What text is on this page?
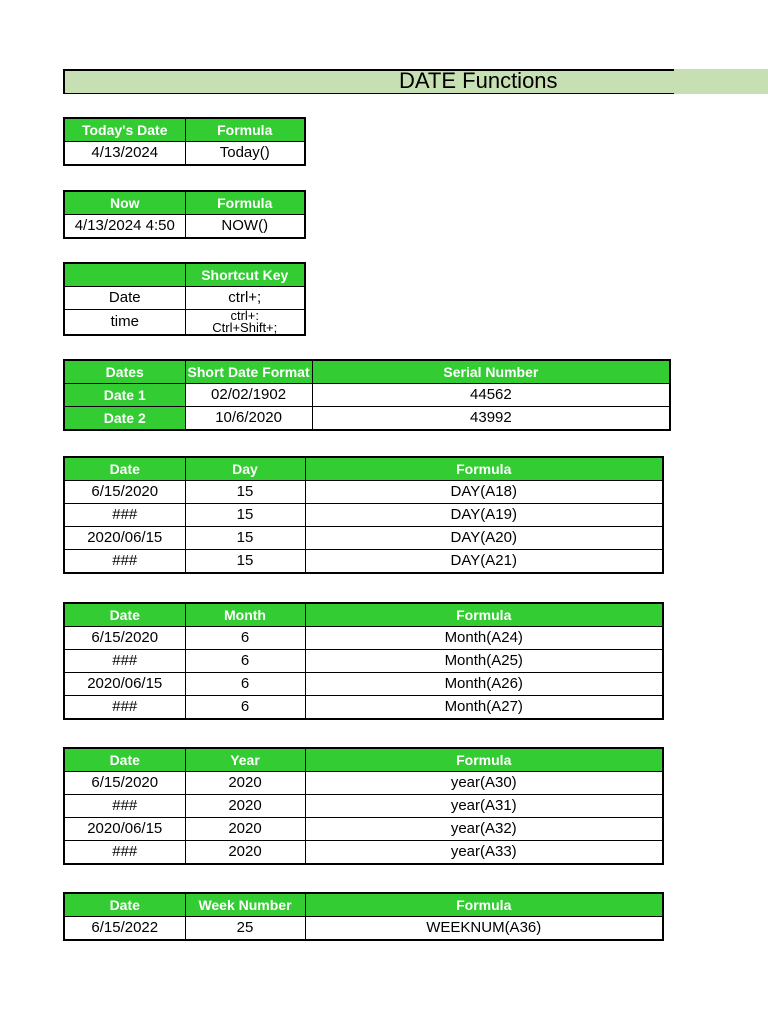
DATE Functions
Today's Date	Formula
4/13/2024	Today()
Now	Formula
4/13/2024 4:50	NOW()
	Shortcut Key
Date	ctrl+;
time	ctrl+:
Ctrl+Shift+;
Dates	Short Date Format	Serial Number
Date 1	02/02/1902	44562
Date 2	10/6/2020	43992
Date	Day	Formula
6/15/2020	15	DAY(A18)
###	15	DAY(A19)
2020/06/15	15	DAY(A20)
###	15	DAY(A21)
Date	Month	Formula
6/15/2020	6	Month(A24)
###	6	Month(A25)
2020/06/15	6	Month(A26)
###	6	Month(A27)
Date	Year	Formula
6/15/2020	2020	year(A30)
###	2020	year(A31)
2020/06/15	2020	year(A32)
###	2020	year(A33)
Date	Week Number	Formula
6/15/2022	25	WEEKNUM(A36)
